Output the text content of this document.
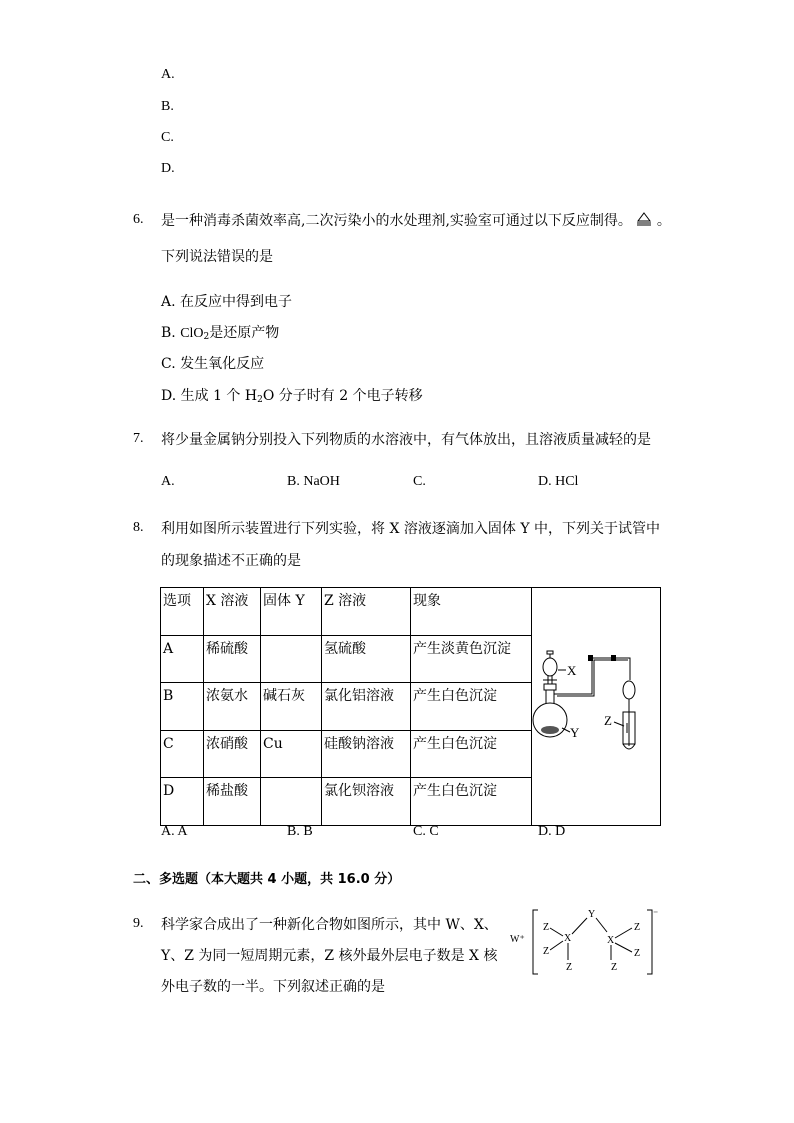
A.
B.
C.
D.
6. 是一种消毒杀菌效率高,二次污染小的水处理剂,实验室可通过以下反应制得。 。
下列说法错误的是
A. 在反应中得到电子
B. ClO$_2$是还原产物
C. 发生氧化反应
D. 生成 1 个 $H_2O$ 分子时有 2 个电子转移
7. 将少量金属钠分别投入下列物质的水溶液中，有气体放出，且溶液质量减轻的是
A.	B. NaOH	C.	D. HCl
8. 利用如图所示装置进行下列实验，将 X 溶液逐滴加入固体 Y 中，下列关于试管中
的现象描述不正确的是
选项	X 溶液	固体 Y	Z 溶液	现象	X
Y
Z

A	稀硫酸		氢硫酸	产生淡黄色沉淀	
B	浓氨水	碱石灰	氯化铝溶液	产生白色沉淀	
C	浓硝酸	Cu	硅酸钠溶液	产生白色沉淀	
D	稀盐酸		氯化钡溶液	产生白色沉淀	
A. A	B. B	C. C	D. D
二、多选题（本大题共 4 小题，共 16.0 分）
9. 科学家合成出了一种新化合物如图所示，其中 W、X、
Y、Z 为同一短周期元素，Z 核外最外层电子数是 X 核
外电子数的一半。下列叙述正确的是
W⁺
⁻
X
Z
Z
Z
Y
X
Z
Z
Z
